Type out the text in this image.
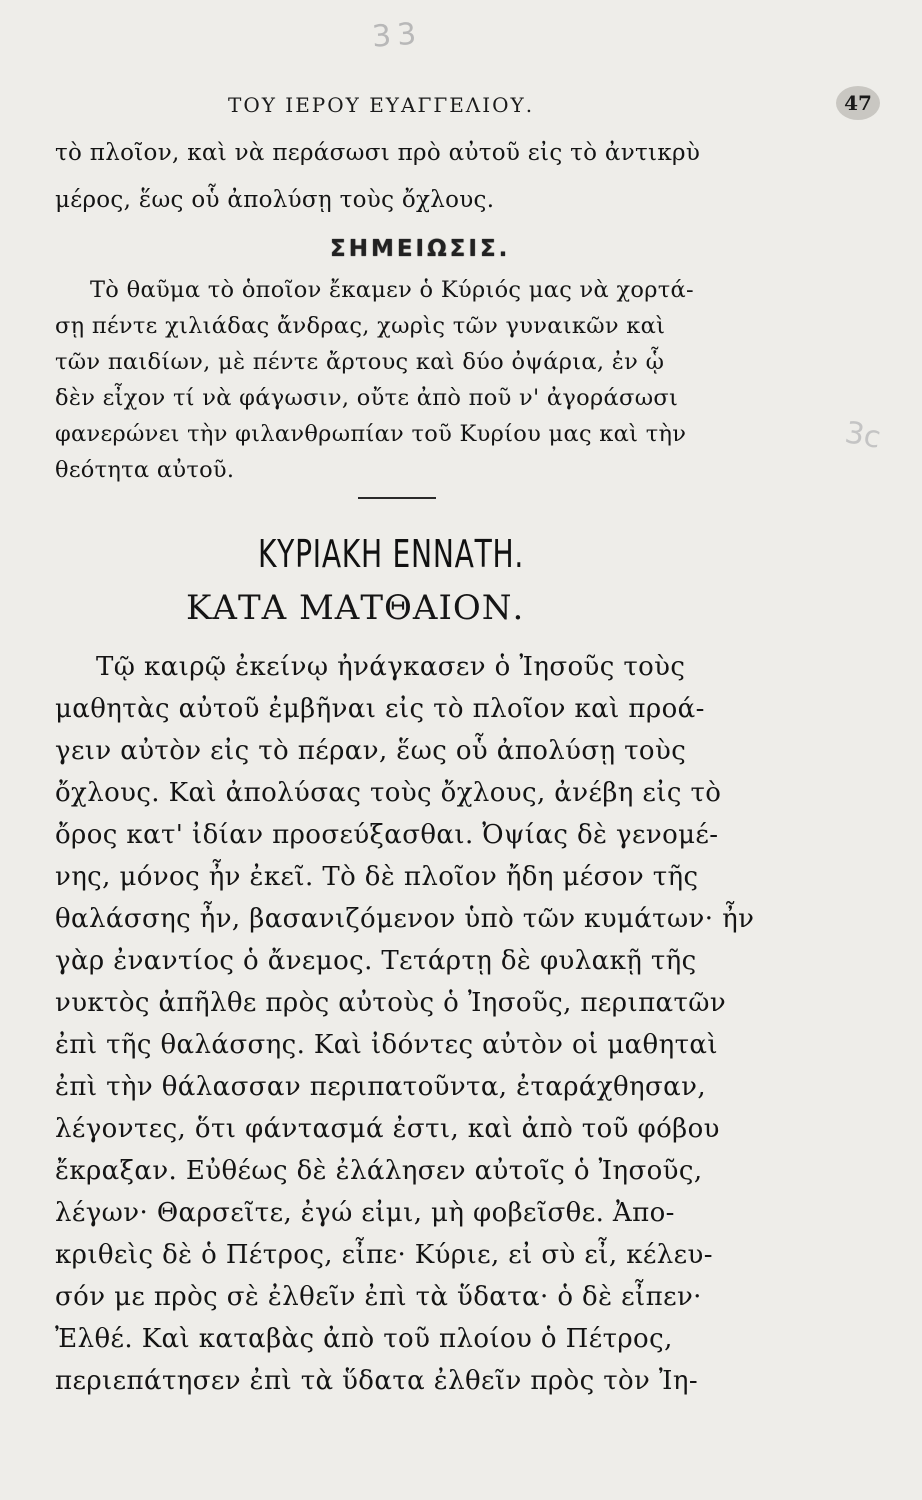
33
3c
ΤΟΥ ΙΕΡΟΥ ΕΥΑΓΓΕΛΙΟΥ.	47
τὸ πλοῖον, καὶ νὰ περάσωσι πρὸ αὐτοῦ εἰς τὸ ἀντικρὺ
μέρος, ἕως οὗ ἀπολύσῃ τοὺς ὄχλους.
ΣΗΜΕΙΩΣΙΣ.
Τὸ θαῦμα τὸ ὁποῖον ἔκαμεν ὁ Κύριός μας νὰ χορτά-
σῃ πέντε χιλιάδας ἄνδρας, χωρὶς τῶν γυναικῶν καὶ
τῶν παιδίων, μὲ πέντε ἄρτους καὶ δύο ὀψάρια, ἐν ᾧ
δὲν εἶχον τί νὰ φάγωσιν, οὔτε ἀπὸ ποῦ ν' ἀγοράσωσι
φανερώνει τὴν φιλανθρωπίαν τοῦ Κυρίου μας καὶ τὴν
θεότητα αὐτοῦ.
ΚΥΡΙΑΚΗ ΕΝΝΑΤΗ.
ΚΑΤΑ ΜΑΤΘΑΙΟΝ.
Τῷ καιρῷ ἐκείνῳ ἠνάγκασεν ὁ Ἰησοῦς τοὺς
μαθητὰς αὐτοῦ ἐμβῆναι εἰς τὸ πλοῖον καὶ προά-
γειν αὐτὸν εἰς τὸ πέραν, ἕως οὗ ἀπολύσῃ τοὺς
ὄχλους. Καὶ ἀπολύσας τοὺς ὄχλους, ἀνέβη εἰς τὸ
ὄρος κατ' ἰδίαν προσεύξασθαι. Ὀψίας δὲ γενομέ-
νης, μόνος ἦν ἐκεῖ. Τὸ δὲ πλοῖον ἤδη μέσον τῆς
θαλάσσης ἦν, βασανιζόμενον ὑπὸ τῶν κυμάτων· ἦν
γὰρ ἐναντίος ὁ ἄνεμος. Τετάρτῃ δὲ φυλακῇ τῆς
νυκτὸς ἀπῆλθε πρὸς αὐτοὺς ὁ Ἰησοῦς, περιπατῶν
ἐπὶ τῆς θαλάσσης. Καὶ ἰδόντες αὐτὸν οἱ μαθηταὶ
ἐπὶ τὴν θάλασσαν περιπατοῦντα, ἐταράχθησαν,
λέγοντες, ὅτι φάντασμά ἐστι, καὶ ἀπὸ τοῦ φόβου
ἔκραξαν. Εὐθέως δὲ ἐλάλησεν αὐτοῖς ὁ Ἰησοῦς,
λέγων· Θαρσεῖτε, ἐγώ εἰμι, μὴ φοβεῖσθε. Ἀπο-
κριθεὶς δὲ ὁ Πέτρος, εἶπε· Κύριε, εἰ σὺ εἶ, κέλευ-
σόν με πρὸς σὲ ἐλθεῖν ἐπὶ τὰ ὕδατα· ὁ δὲ εἶπεν·
Ἐλθέ. Καὶ καταβὰς ἀπὸ τοῦ πλοίου ὁ Πέτρος,
περιεπάτησεν ἐπὶ τὰ ὕδατα ἐλθεῖν πρὸς τὸν Ἰη-
